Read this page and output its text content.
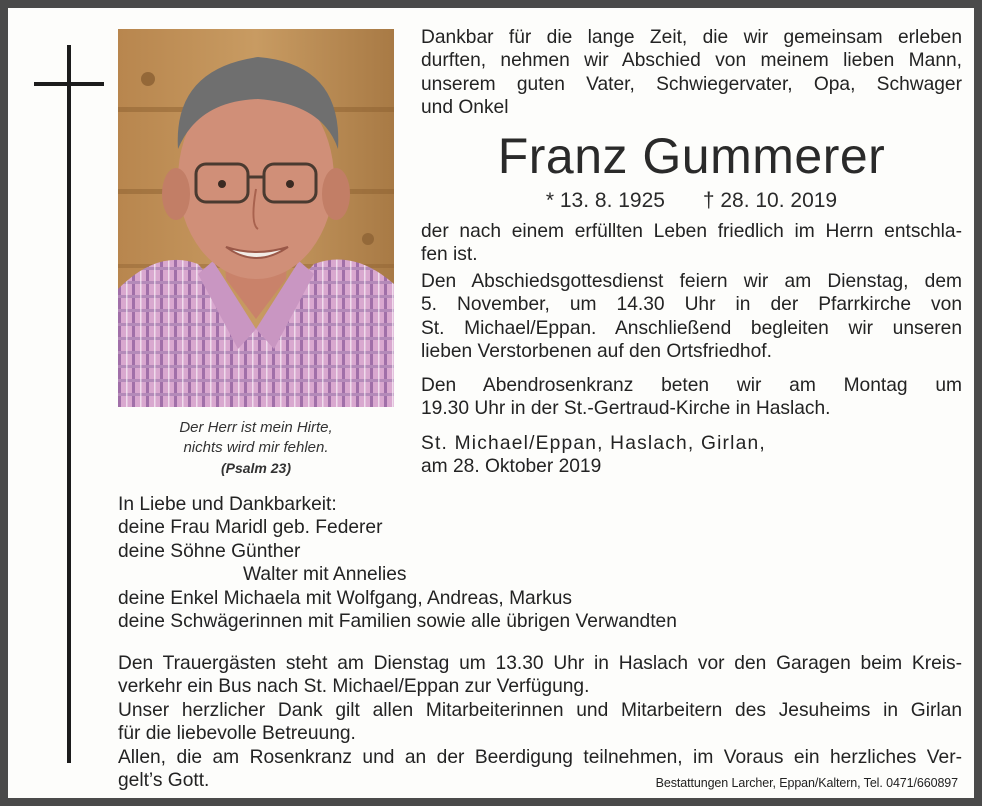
Der Herr ist mein Hirte,
nichts wird mir fehlen.
(Psalm 23)
Dankbar für die lange Zeit, die wir gemeinsam erleben
durften, nehmen wir Abschied von meinem lieben Mann,
unserem guten Vater, Schwiegervater, Opa, Schwager
und Onkel
Franz Gummerer
* 13. 8. 1925 † 28. 10. 2019
der nach einem erfüllten Leben friedlich im Herrn entschla-
fen ist.
Den Abschiedsgottesdienst feiern wir am Dienstag, dem
5. November, um 14.30 Uhr in der Pfarrkirche von
St. Michael/Eppan. Anschließend begleiten wir unseren
lieben Verstorbenen auf den Ortsfriedhof.
Den Abendrosenkranz beten wir am Montag um
19.30 Uhr in der St.-Gertraud-Kirche in Haslach.
St. Michael/Eppan, Haslach, Girlan,
am 28. Oktober 2019
In Liebe und Dankbarkeit:
deine Frau Maridl geb. Federer
deine Söhne Günther
Walter mit Annelies
deine Enkel Michaela mit Wolfgang, Andreas, Markus
deine Schwägerinnen mit Familien sowie alle übrigen Verwandten
Den Trauergästen steht am Dienstag um 13.30 Uhr in Haslach vor den Garagen beim Kreis-
verkehr ein Bus nach St. Michael/Eppan zur Verfügung.
Unser herzlicher Dank gilt allen Mitarbeiterinnen und Mitarbeitern des Jesuheims in Girlan
für die liebevolle Betreuung.
Allen, die am Rosenkranz und an der Beerdigung teilnehmen, im Voraus ein herzliches Ver-
gelt’s Gott.	Bestattungen Larcher, Eppan/Kaltern, Tel. 0471/660897
